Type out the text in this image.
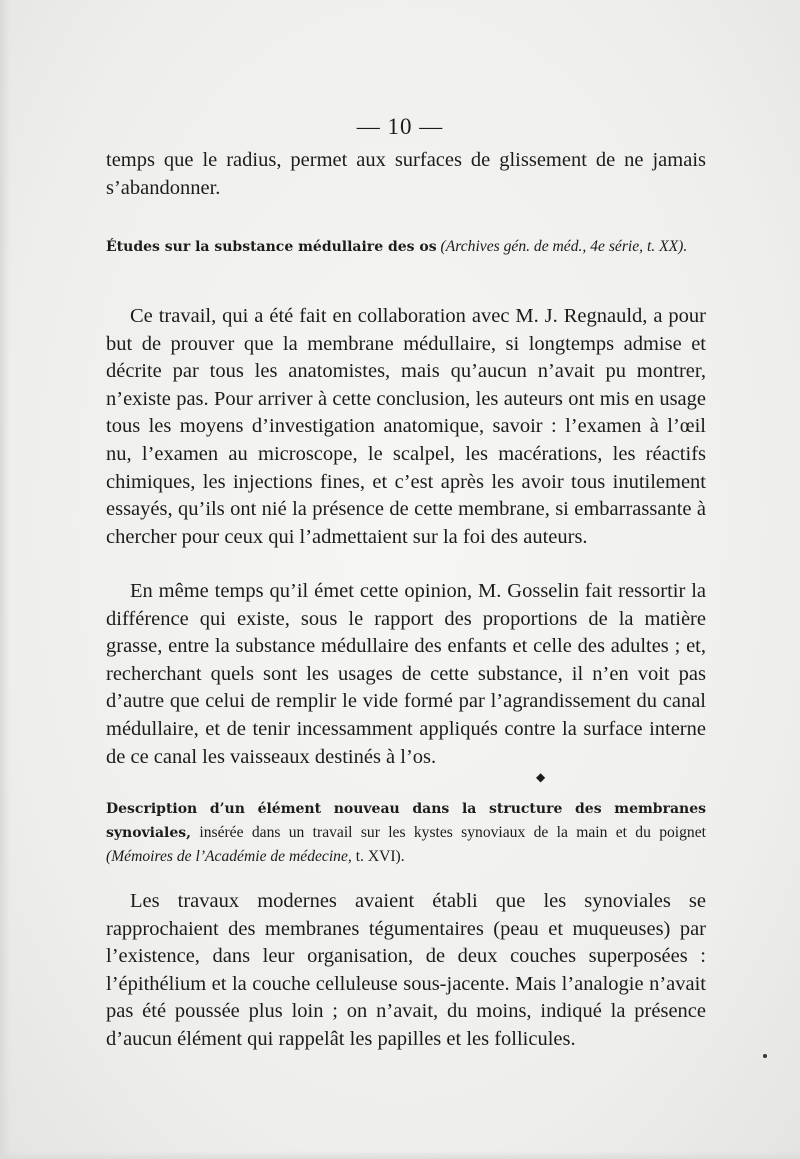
— 10 —
temps que le radius, permet aux surfaces de glissement de ne jamais s’abandonner.
Études sur la substance médullaire des os (Archives gén. de méd., 4e série, t. XX).
Ce travail, qui a été fait en collaboration avec M. J. Regnauld, a pour but de prouver que la membrane médullaire, si longtemps admise et décrite par tous les anatomistes, mais qu’aucun n’avait pu montrer, n’existe pas. Pour arriver à cette conclusion, les auteurs ont mis en usage tous les moyens d’investigation anatomique, savoir : l’examen à l’œil nu, l’examen au microscope, le scalpel, les macérations, les réactifs chimiques, les injections fines, et c’est après les avoir tous inutilement essayés, qu’ils ont nié la présence de cette membrane, si embarrassante à chercher pour ceux qui l’admettaient sur la foi des auteurs.
En même temps qu’il émet cette opinion, M. Gosselin fait ressortir la différence qui existe, sous le rapport des proportions de la matière grasse, entre la substance médullaire des enfants et celle des adultes ; et, recherchant quels sont les usages de cette substance, il n’en voit pas d’autre que celui de remplir le vide formé par l’agrandissement du canal médullaire, et de tenir incessamment appliqués contre la surface interne de ce canal les vaisseaux destinés à l’os.
◆
Description d’un élément nouveau dans la structure des membranes synoviales, insérée dans un travail sur les kystes synoviaux de la main et du poignet (Mémoires de l’Académie de médecine, t. XVI).
Les travaux modernes avaient établi que les synoviales se rapprochaient des membranes tégumentaires (peau et muqueuses) par l’existence, dans leur organisation, de deux couches superposées : l’épithélium et la couche celluleuse sous-jacente. Mais l’analogie n’avait pas été poussée plus loin ; on n’avait, du moins, indiqué la présence d’aucun élément qui rappelât les papilles et les follicules.
